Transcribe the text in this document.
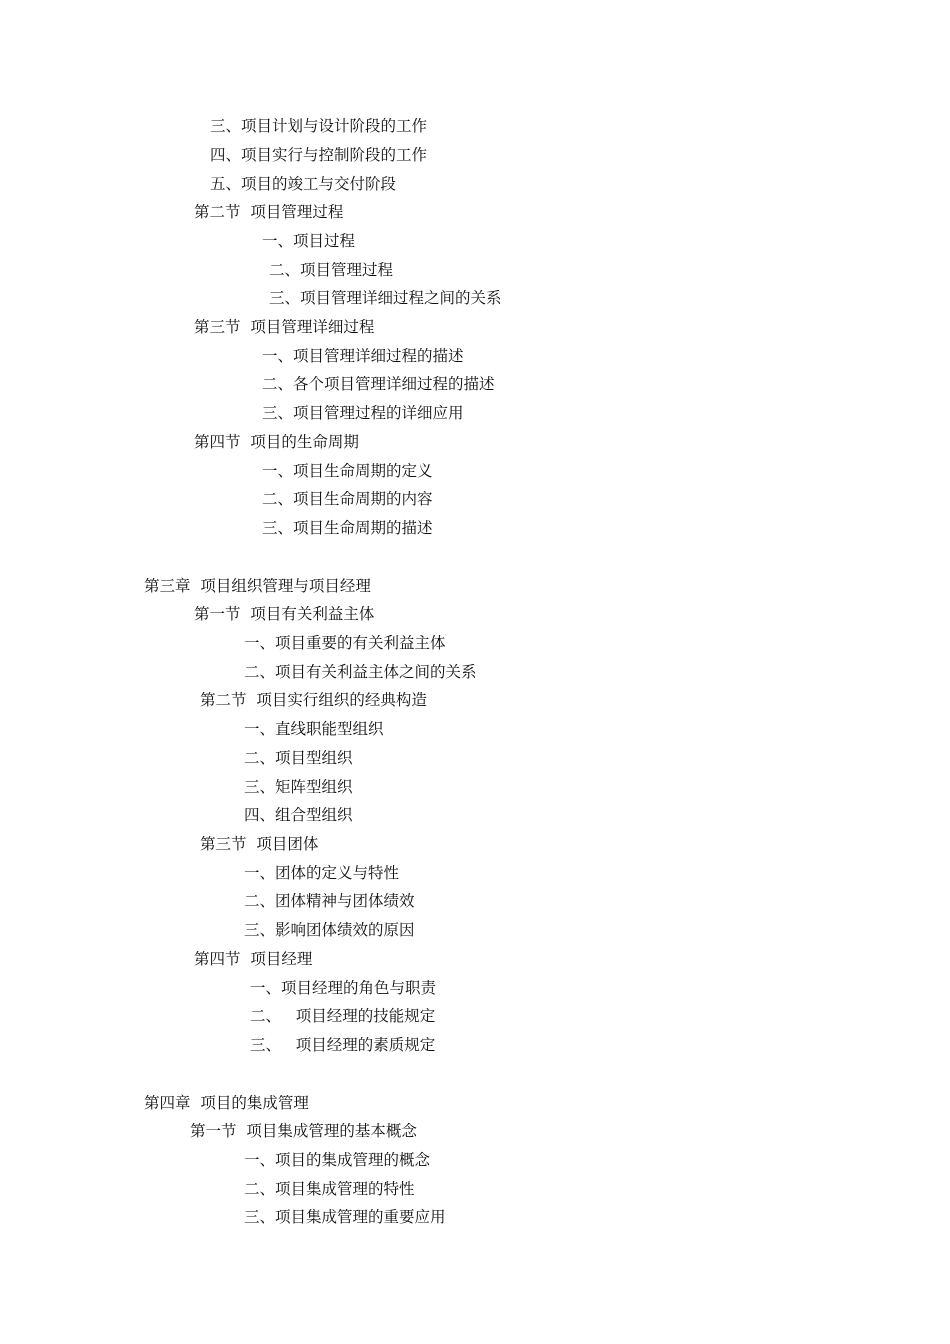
三、项目计划与设计阶段的工作
四、项目实行与控制阶段的工作
五、项目的竣工与交付阶段
第二节  项目管理过程
一、项目过程
二、项目管理过程
三、项目管理详细过程之间的关系
第三节  项目管理详细过程
一、项目管理详细过程的描述
二、各个项目管理详细过程的描述
三、项目管理过程的详细应用
第四节  项目的生命周期
一、项目生命周期的定义
二、项目生命周期的内容
三、项目生命周期的描述
第三章  项目组织管理与项目经理
第一节  项目有关利益主体
一、项目重要的有关利益主体
二、项目有关利益主体之间的关系
第二节  项目实行组织的经典构造
一、直线职能型组织
二、项目型组织
三、矩阵型组织
四、组合型组织
第三节  项目团体
一、团体的定义与特性
二、团体精神与团体绩效
三、影响团体绩效的原因
第四节  项目经理
一、项目经理的角色与职责
二、   项目经理的技能规定
三、   项目经理的素质规定
第四章  项目的集成管理
第一节  项目集成管理的基本概念
一、项目的集成管理的概念
二、项目集成管理的特性
三、项目集成管理的重要应用
